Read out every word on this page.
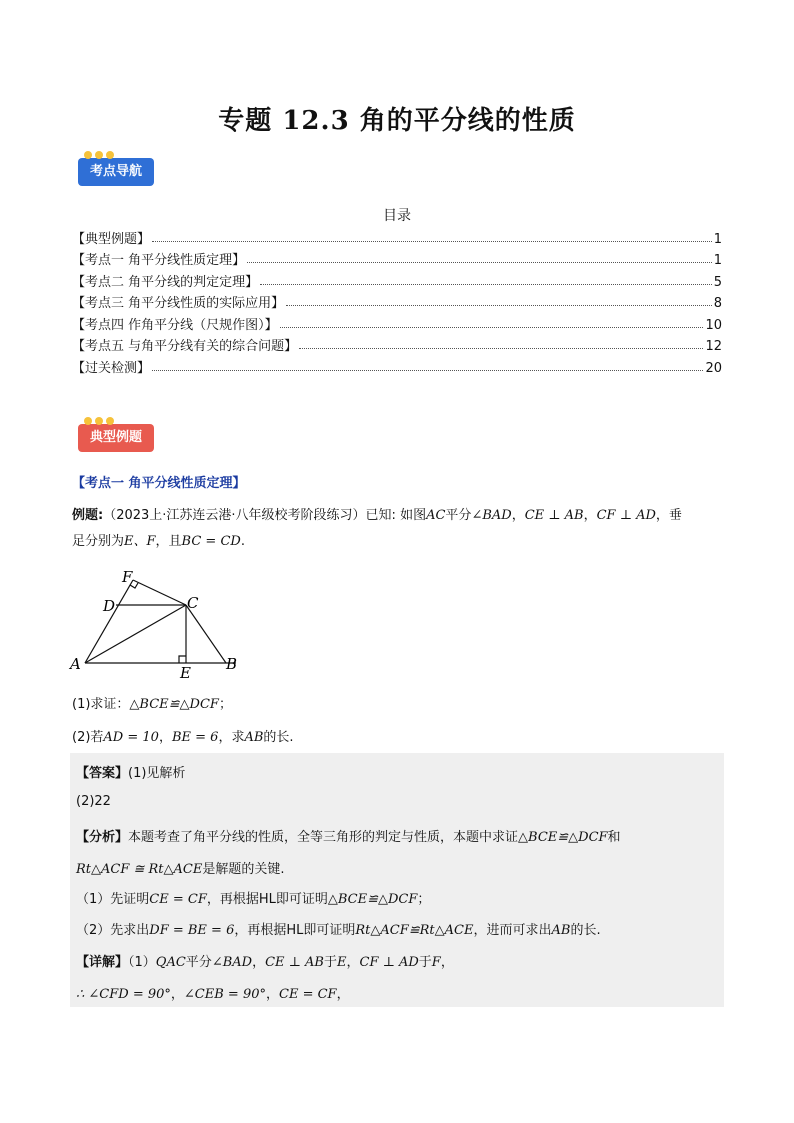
专题 12.3 角的平分线的性质
考点导航
目录
【典型例题】	1
【考点一 角平分线性质定理】	1
【考点二 角平分线的判定定理】	5
【考点三 角平分线性质的实际应用】	8
【考点四 作角平分线（尺规作图）】	10
【考点五 与角平分线有关的综合问题】	12
【过关检测】	20
典型例题
【考点一 角平分线性质定理】
例题:（2023上·江苏连云港·八年级校考阶段练习）已知: 如图AC平分∠BAD，CE ⊥ AB，CF ⊥ AD，垂
足分别为E、F，且BC = CD.
A	B
C
D
E
F
(1)求证：△BCE≌△DCF；
(2)若AD = 10，BE = 6，求AB的长.
【答案】(1)见解析
(2)22
【分析】本题考查了角平分线的性质，全等三角形的判定与性质，本题中求证△BCE≌△DCF和
Rt△ACF ≅ Rt△ACE是解题的关键.
（1）先证明CE = CF，再根据HL即可证明△BCE≌△DCF；
（2）先求出DF = BE = 6，再根据HL即可证明Rt△ACF≌Rt△ACE，进而可求出AB的长.
【详解】（1）QAC平分∠BAD，CE ⊥ AB于E，CF ⊥ AD于F，
∴ ∠CFD = 90°，∠CEB = 90°，CE = CF，
